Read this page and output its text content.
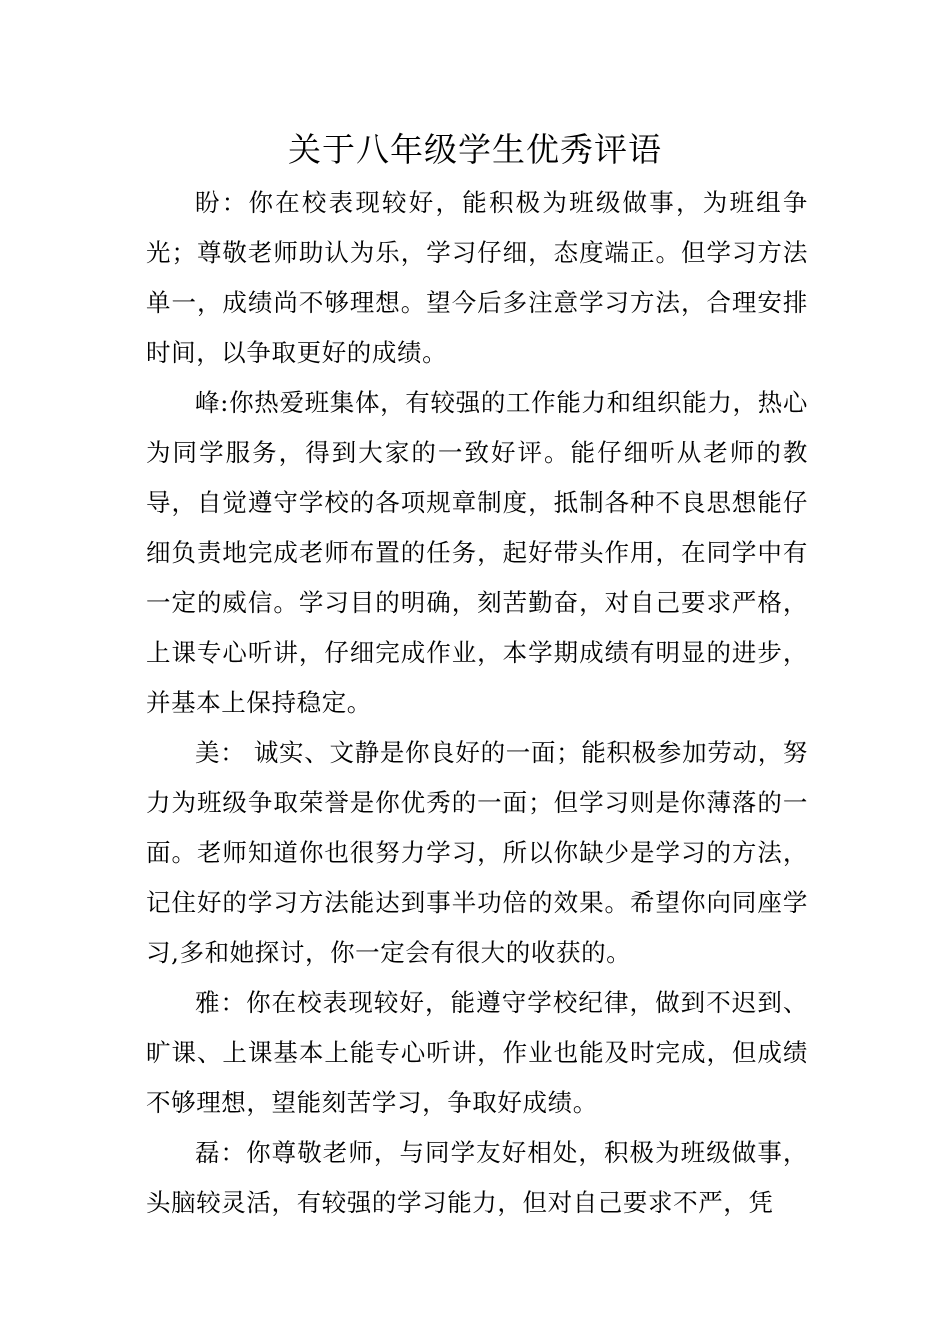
关于八年级学生优秀评语

盼：你在校表现较好，能积极为班级做事，为班组争光；尊敬老师助认为乐，学习仔细，态度端正。但学习方法单一，成绩尚不够理想。望今后多注意学习方法，合理安排时间，以争取更好的成绩。

峰:你热爱班集体，有较强的工作能力和组织能力，热心为同学服务，得到大家的一致好评。能仔细听从老师的教导，自觉遵守学校的各项规章制度，抵制各种不良思想能仔细负责地完成老师布置的任务，起好带头作用，在同学中有一定的威信。学习目的明确，刻苦勤奋，对自己要求严格，上课专心听讲，仔细完成作业，本学期成绩有明显的进步，并基本上保持稳定。

美： 诚实、文静是你良好的一面；能积极参加劳动，努力为班级争取荣誉是你优秀的一面；但学习则是你薄落的一面。老师知道你也很努力学习，所以你缺少是学习的方法，记住好的学习方法能达到事半功倍的效果。希望你向同座学习,多和她探讨，你一定会有很大的收获的。

雅：你在校表现较好，能遵守学校纪律，做到不迟到、旷课、上课基本上能专心听讲，作业也能及时完成，但成绩不够理想，望能刻苦学习，争取好成绩。

磊：你尊敬老师，与同学友好相处，积极为班级做事，头脑较灵活，有较强的学习能力，但对自己要求不严，凭
